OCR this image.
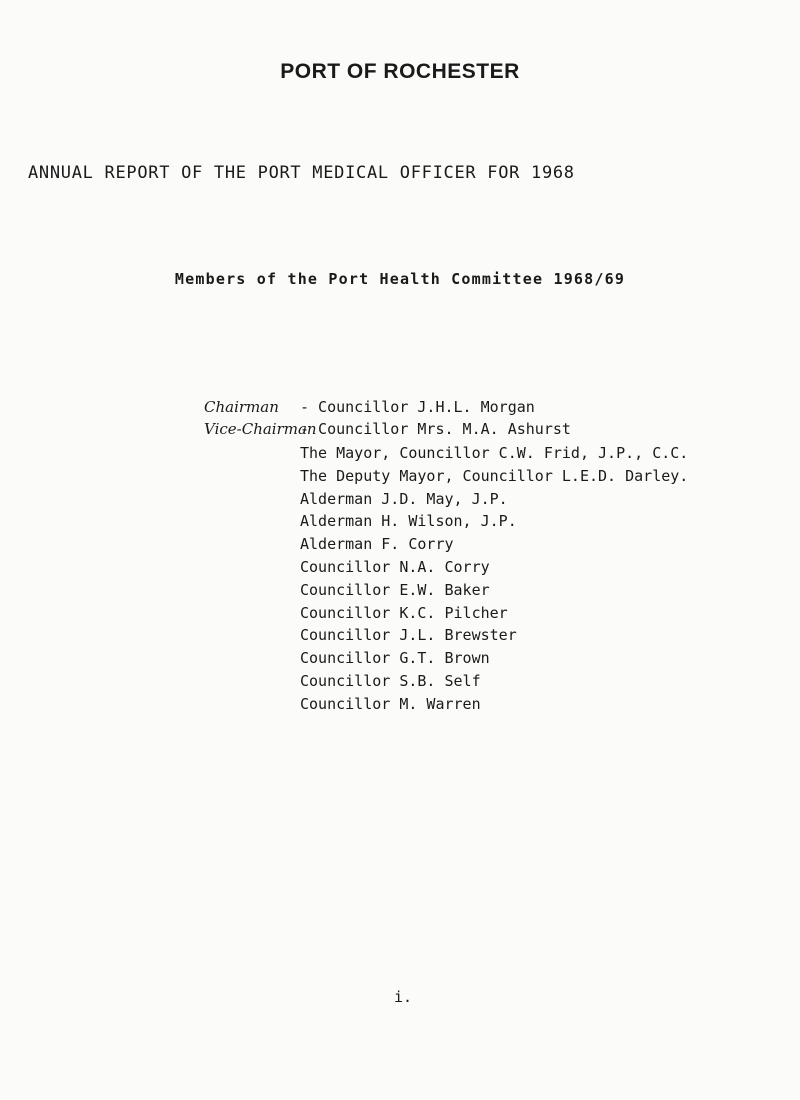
PORT OF ROCHESTER
ANNUAL REPORT OF THE PORT MEDICAL OFFICER FOR 1968
Members of the Port Health Committee 1968/69
Chairman - Councillor J.H.L. Morgan
Vice-Chairman
- Councillor Mrs. M.A. Ashurst
The Mayor, Councillor C.W. Frid, J.P., C.C.
The Deputy Mayor, Councillor L.E.D. Darley.
Alderman J.D. May, J.P.
Alderman H. Wilson, J.P.
Alderman F. Corry
Councillor N.A. Corry
Councillor E.W. Baker
Councillor K.C. Pilcher
Councillor J.L. Brewster
Councillor G.T. Brown
Councillor S.B. Self
Councillor M. Warren
i.
